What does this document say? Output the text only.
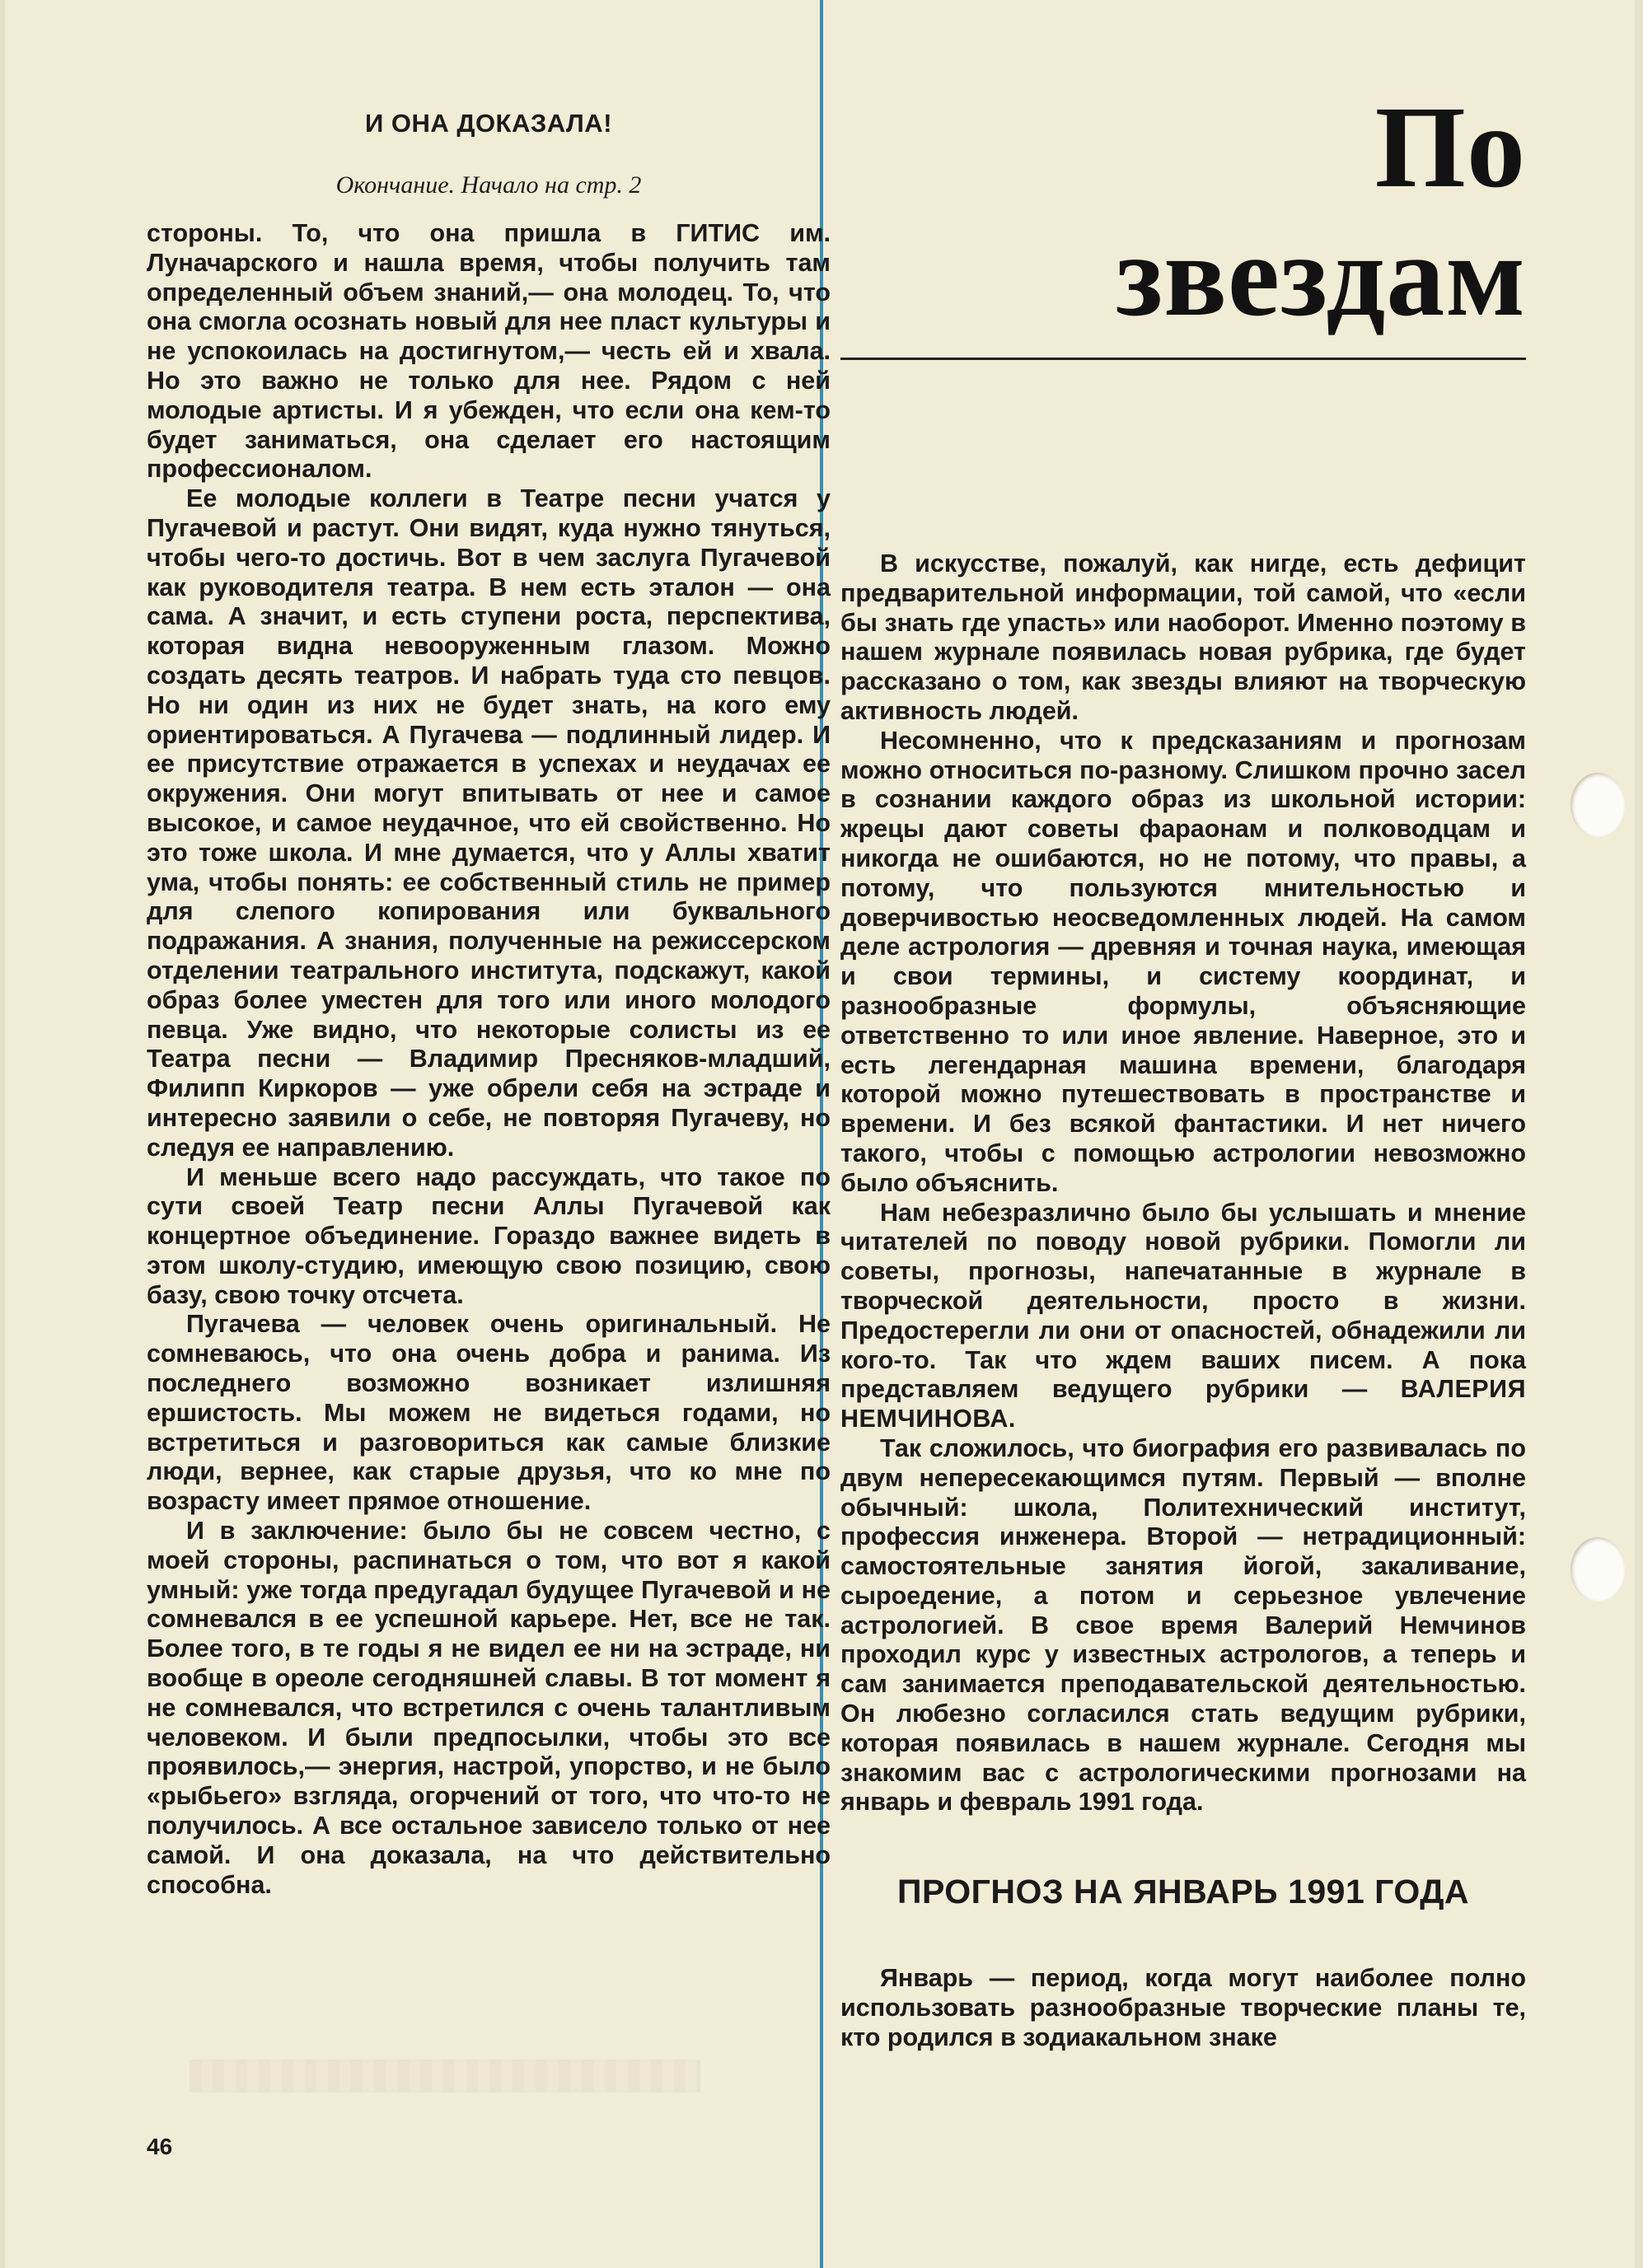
И ОНА ДОКАЗАЛА!
Окончание. Начало на стр. 2

стороны. То, что она пришла в ГИТИС им. Луначарского и нашла время, чтобы получить там определенный объем знаний,— она молодец. То, что она смогла осознать новый для нее пласт культуры и не успокоилась на достигнутом,— честь ей и хвала. Но это важно не только для нее. Рядом с ней молодые артисты. И я убежден, что если она кем-то будет заниматься, она сделает его настоящим профессионалом.

Ее молодые коллеги в Театре песни учатся у Пугачевой и растут. Они видят, куда нужно тянуться, чтобы чего-то достичь. Вот в чем заслуга Пугачевой как руководителя театра. В нем есть эталон — она сама. А значит, и есть ступени роста, перспектива, которая видна невооруженным глазом. Можно создать десять театров. И набрать туда сто певцов. Но ни один из них не будет знать, на кого ему ориентироваться. А Пугачева — подлинный лидер. И ее присутствие отражается в успехах и неудачах ее окружения. Они могут впитывать от нее и самое высокое, и самое неудачное, что ей свойственно. Но это тоже школа. И мне думается, что у Аллы хватит ума, чтобы понять: ее собственный стиль не пример для слепого копирования или буквального подражания. А знания, полученные на режиссерском отделении театрального института, подскажут, какой образ более уместен для того или иного молодого певца. Уже видно, что некоторые солисты из ее Театра песни — Владимир Пресняков-младший, Филипп Киркоров — уже обрели себя на эстраде и интересно заявили о себе, не повторяя Пугачеву, но следуя ее направлению.

И меньше всего надо рассуждать, что такое по сути своей Театр песни Аллы Пугачевой как концертное объединение. Гораздо важнее видеть в этом школу-студию, имеющую свою позицию, свою базу, свою точку отсчета.

Пугачева — человек очень оригинальный. Не сомневаюсь, что она очень добра и ранима. Из последнего возможно возникает излишняя ершистость. Мы можем не видеться годами, но встретиться и разговориться как самые близкие люди, вернее, как старые друзья, что ко мне по возрасту имеет прямое отношение.

И в заключение: было бы не совсем честно, с моей стороны, распинаться о том, что вот я какой умный: уже тогда предугадал будущее Пугачевой и не сомневался в ее успешной карьере. Нет, все не так. Более того, в те годы я не видел ее ни на эстраде, ни вообще в ореоле сегодняшней славы. В тот момент я не сомневался, что встретился с очень талантливым человеком. И были предпосылки, чтобы это все проявилось,— энергия, настрой, упорство, и не было «рыбьего» взгляда, огорчений от того, что что-то не получилось. А все остальное зависело только от нее самой. И она доказала, на что действительно способна.

По
звездам

В искусстве, пожалуй, как нигде, есть дефицит предварительной информации, той самой, что «если бы знать где упасть» или наоборот. Именно поэтому в нашем журнале появилась новая рубрика, где будет рассказано о том, как звезды влияют на творческую активность людей.

Несомненно, что к предсказаниям и прогнозам можно относиться по-разному. Слишком прочно засел в сознании каждого образ из школьной истории: жрецы дают советы фараонам и полководцам и никогда не ошибаются, но не потому, что правы, а потому, что пользуются мнительностью и доверчивостью неосведомленных людей. На самом деле астрология — древняя и точная наука, имеющая и свои термины, и систему координат, и разнообразные формулы, объясняющие ответственно то или иное явление. Наверное, это и есть легендарная машина времени, благодаря которой можно путешествовать в пространстве и времени. И без всякой фантастики. И нет ничего такого, чтобы с помощью астрологии невозможно было объяснить.

Нам небезразлично было бы услышать и мнение читателей по поводу новой рубрики. Помогли ли советы, прогнозы, напечатанные в журнале в творческой деятельности, просто в жизни. Предостерегли ли они от опасностей, обнадежили ли кого-то. Так что ждем ваших писем. А пока представляем ведущего рубрики — ВАЛЕРИЯ НЕМЧИНОВА.

Так сложилось, что биография его развивалась по двум непересекающимся путям. Первый — вполне обычный: школа, Политехнический институт, профессия инженера. Второй — нетрадиционный: самостоятельные занятия йогой, закаливание, сыроедение, а потом и серьезное увлечение астрологией. В свое время Валерий Немчинов проходил курс у известных астрологов, а теперь и сам занимается преподавательской деятельностью. Он любезно согласился стать ведущим рубрики, которая появилась в нашем журнале. Сегодня мы знакомим вас с астрологическими прогнозами на январь и февраль 1991 года.

ПРОГНОЗ НА ЯНВАРЬ 1991 ГОДА

Январь — период, когда могут наиболее полно использовать разнообразные творческие планы те, кто родился в зодиакальном знаке

46
